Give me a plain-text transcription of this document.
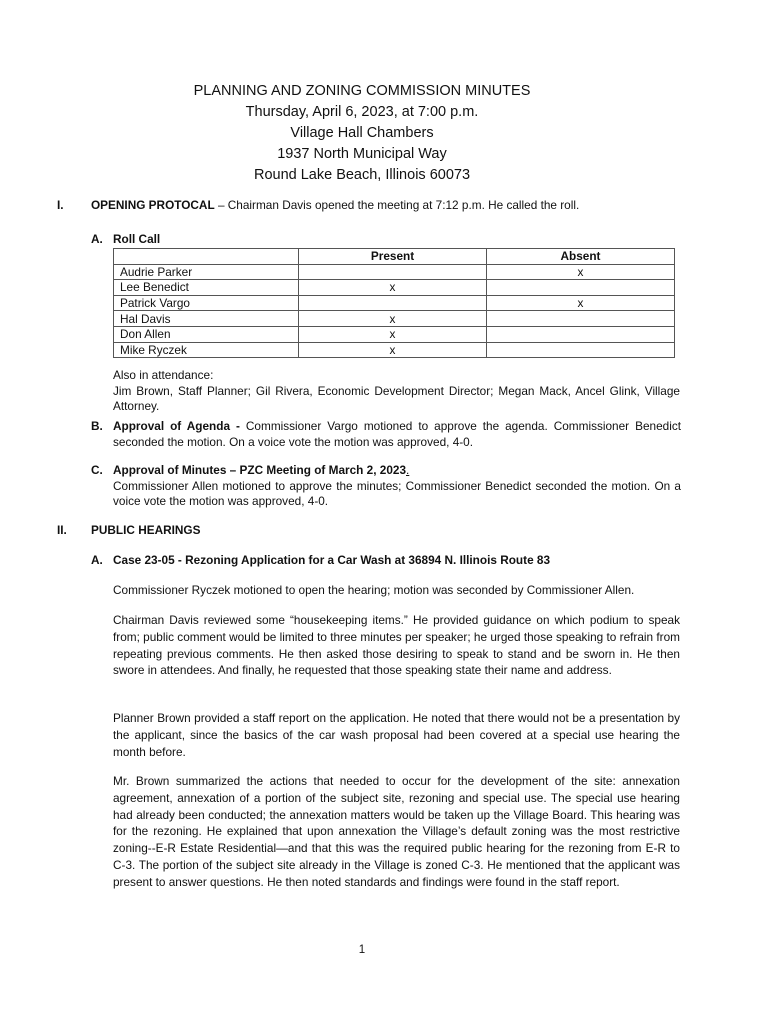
PLANNING AND ZONING COMMISSION MINUTES
Thursday, April 6, 2023, at 7:00 p.m.
Village Hall Chambers
1937 North Municipal Way
Round Lake Beach, Illinois 60073
I. OPENING PROTOCAL – Chairman Davis opened the meeting at 7:12 p.m. He called the roll.
A. Roll Call
	Present	Absent
Audrie Parker		x
Lee Benedict	x	
Patrick Vargo		x
Hal Davis	x	
Don Allen	x	
Mike Ryczek	x	
Also in attendance:
Jim Brown, Staff Planner; Gil Rivera, Economic Development Director; Megan Mack, Ancel Glink, Village Attorney.
B. Approval of Agenda - Commissioner Vargo motioned to approve the agenda. Commissioner Benedict seconded the motion. On a voice vote the motion was approved, 4-0.
C. Approval of Minutes – PZC Meeting of March 2, 2023.
Commissioner Allen motioned to approve the minutes; Commissioner Benedict seconded the motion. On a voice vote the motion was approved, 4-0.
II. PUBLIC HEARINGS
A. Case 23-05 - Rezoning Application for a Car Wash at 36894 N. Illinois Route 83
Commissioner Ryczek motioned to open the hearing; motion was seconded by Commissioner Allen.
Chairman Davis reviewed some “housekeeping items.” He provided guidance on which podium to speak from; public comment would be limited to three minutes per speaker; he urged those speaking to refrain from repeating previous comments. He then asked those desiring to speak to stand and be sworn in. He then swore in attendees. And finally, he requested that those speaking state their name and address.
Planner Brown provided a staff report on the application. He noted that there would not be a presentation by the applicant, since the basics of the car wash proposal had been covered at a special use hearing the month before.
Mr. Brown summarized the actions that needed to occur for the development of the site: annexation agreement, annexation of a portion of the subject site, rezoning and special use. The special use hearing had already been conducted; the annexation matters would be taken up the Village Board. This hearing was for the rezoning. He explained that upon annexation the Village’s default zoning was the most restrictive zoning--E-R Estate Residential—and that this was the required public hearing for the rezoning from E-R to C-3. The portion of the subject site already in the Village is zoned C-3. He mentioned that the applicant was present to answer questions. He then noted standards and findings were found in the staff report.
1
